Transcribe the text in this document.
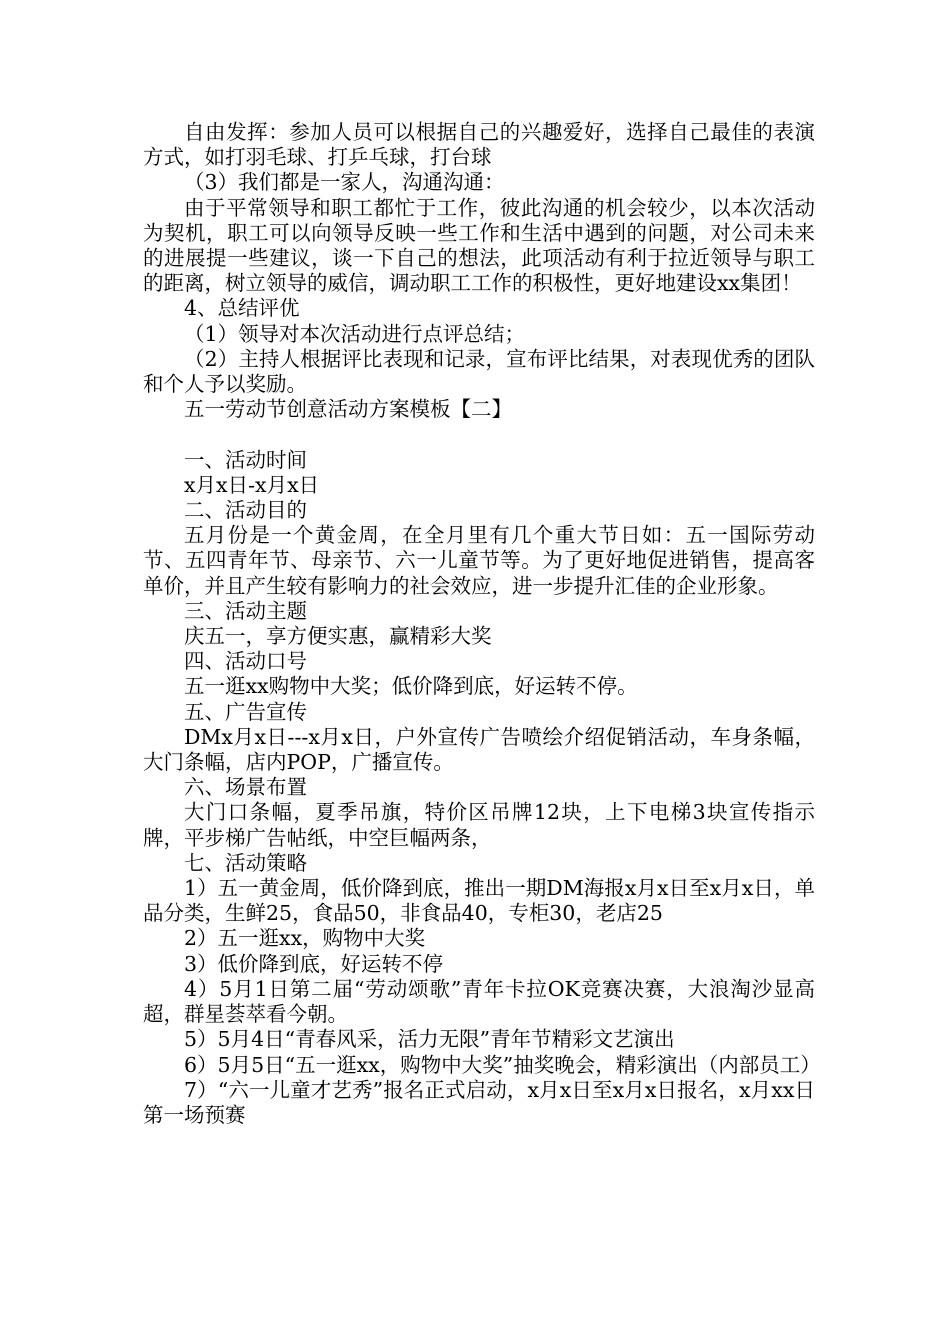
自由发挥：参加人员可以根据自己的兴趣爱好，选择自己最佳的表演方式，如打羽毛球、打乒乓球，打台球

（3）我们都是一家人，沟通沟通：

由于平常领导和职工都忙于工作，彼此沟通的机会较少，以本次活动为契机，职工可以向领导反映一些工作和生活中遇到的问题，对公司未来的进展提一些建议，谈一下自己的想法，此项活动有利于拉近领导与职工的距离，树立领导的威信，调动职工工作的积极性，更好地建设xx集团！

4、总结评优

（1）领导对本次活动进行点评总结；

（2）主持人根据评比表现和记录，宣布评比结果，对表现优秀的团队和个人予以奖励。

五一劳动节创意活动方案模板【二】

一、活动时间

x月x日-x月x日

二、活动目的

五月份是一个黄金周，在全月里有几个重大节日如：五一国际劳动节、五四青年节、母亲节、六一儿童节等。为了更好地促进销售，提高客单价，并且产生较有影响力的社会效应，进一步提升汇佳的企业形象。

三、活动主题

庆五一，享方便实惠，赢精彩大奖

四、活动口号

五一逛xx购物中大奖；低价降到底，好运转不停。

五、广告宣传

DMx月x日---x月x日，户外宣传广告喷绘介绍促销活动，车身条幅，大门条幅，店内POP，广播宣传。

六、场景布置

大门口条幅，夏季吊旗，特价区吊牌12块，上下电梯3块宣传指示牌，平步梯广告帖纸，中空巨幅两条，

七、活动策略

1）五一黄金周，低价降到底，推出一期DM海报x月x日至x月x日，单品分类，生鲜25，食品50，非食品40，专柜30，老店25

2）五一逛xx，购物中大奖

3）低价降到底，好运转不停

4）5月1日第二届“劳动颂歌”青年卡拉OK竞赛决赛，大浪淘沙显高超，群星荟萃看今朝。

5）5月4日“青春风采，活力无限”青年节精彩文艺演出

6）5月5日“五一逛xx，购物中大奖”抽奖晚会，精彩演出（内部员工）

7）“六一儿童才艺秀”报名正式启动，x月x日至x月x日报名，x月xx日第一场预赛
